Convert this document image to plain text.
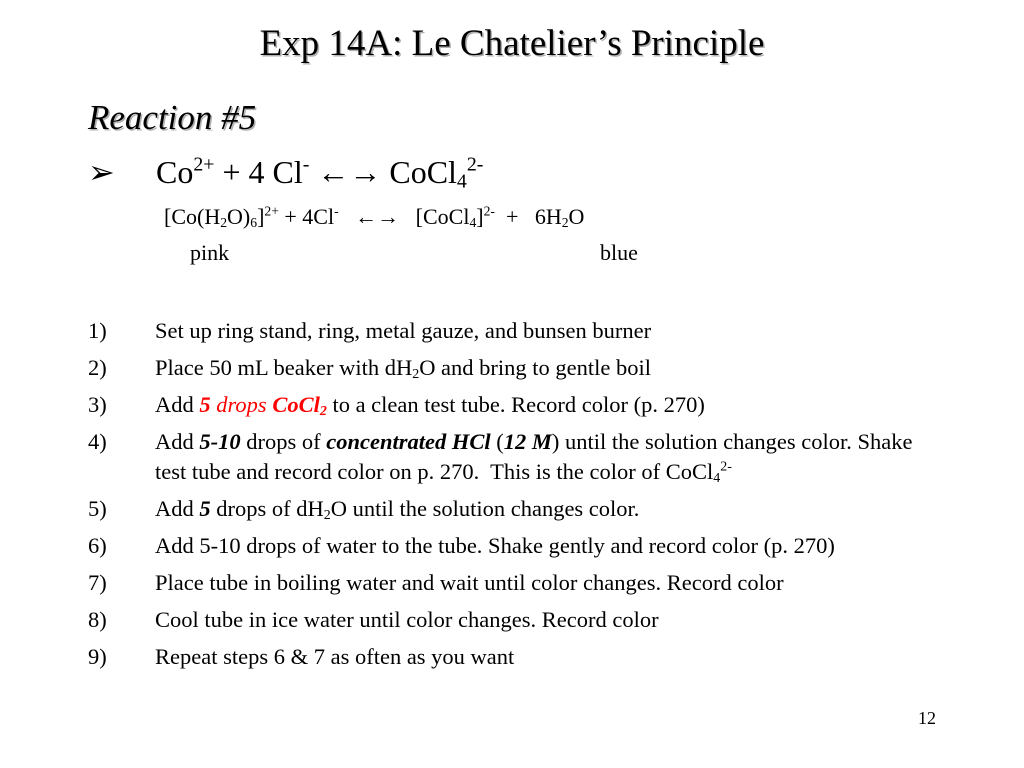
Exp 14A: Le Chatelier’s Principle
Reaction #5
➢ $Co^{2+} + 4$ Cl- ←→ CoCl$_4^{2-}$
$[Co(H_2O)_6]^{2+} + 4Cl^-$   ←→   [CoCl$_4$]$^{2-}$  +   $6H_2O$
pink	blue
1)	Set up ring stand, ring, metal gauze, and bunsen burner
2)	Place 50 mL beaker with $dH_2O$ and bring to gentle boil
3)	Add 5 drops CoCl$_2$ to a clean test tube. Record color (p. 270)
4)	Add 5-10 drops of concentrated HCl (12 M) until the solution changes color. Shake test tube and record color on p. 270.  This is the color of CoCl$_4^{2-}$
5)	Add 5 drops of $dH_2O$ until the solution changes color.
6)	Add 5-10 drops of water to the tube. Shake gently and record color (p. 270)
7)	Place tube in boiling water and wait until color changes. Record color
8)	Cool tube in ice water until color changes. Record color
9)	Repeat steps 6 & 7 as often as you want
12
